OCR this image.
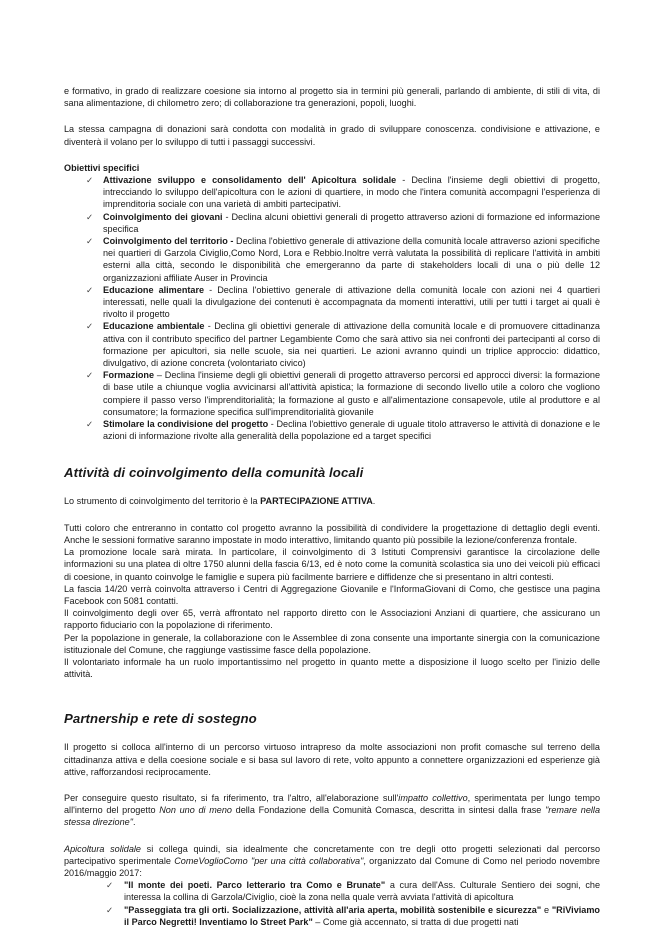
e formativo, in grado di realizzare coesione sia intorno al progetto sia in termini più generali, parlando di ambiente, di stili di vita, di sana alimentazione, di chilometro zero; di collaborazione tra generazioni, popoli, luoghi.

La stessa campagna di donazioni sarà condotta con modalità in grado di sviluppare conoscenza. condivisione e attivazione, e diventerà il volano per lo sviluppo di tutti i passaggi successivi.

Obiettivi specifici

✓ Attivazione sviluppo e consolidamento dell' Apicoltura solidale - Declina l'insieme degli obiettivi di progetto, intrecciando lo sviluppo dell'apicoltura con le azioni di quartiere, in modo che l'intera comunità accompagni l'esperienza di imprenditoria sociale con una varietà di ambiti partecipativi.
✓ Coinvolgimento dei giovani - Declina alcuni obiettivi generali di progetto attraverso azioni di formazione ed informazione specifica
✓ Coinvolgimento del territorio - Declina l'obiettivo generale di attivazione della comunità locale attraverso azioni specifiche nei quartieri di Garzola Civiglio,Como Nord, Lora e Rebbio.Inoltre verrà valutata la possibilità di replicare l'attività in ambiti esterni alla città, secondo le disponibilità che emergeranno da parte di stakeholders locali di una o più delle 12 organizzazioni affiliate Auser in Provincia
✓ Educazione alimentare - Declina l'obiettivo generale di attivazione della comunità locale con azioni nei 4 quartieri interessati, nelle quali la divulgazione dei contenuti è accompagnata da momenti interattivi, utili per tutti i target ai quali è rivolto il progetto
✓ Educazione ambientale - Declina gli obiettivi generale di attivazione della comunità locale e di promuovere cittadinanza attiva con il contributo specifico del partner Legambiente Como che sarà attivo sia nei confronti dei partecipanti al corso di formazione per apicultori, sia nelle scuole, sia nei quartieri. Le azioni avranno quindi un triplice approccio: didattico, divulgativo, di azione concreta (volontariato civico)
✓ Formazione – Declina l'insieme degli gli obiettivi generali di progetto attraverso percorsi ed approcci diversi: la formazione di base utile a chiunque voglia avvicinarsi all'attività apistica; la formazione di secondo livello utile a coloro che vogliono compiere il passo verso l'imprenditorialità; la formazione al gusto e all'alimentazione consapevole, utile al produttore e al consumatore; la formazione specifica sull'imprenditorialità giovanile
✓ Stimolare la condivisione del progetto - Declina l'obiettivo generale di uguale titolo attraverso le attività di donazione e le azioni di informazione rivolte alla generalità della popolazione ed a target specifici
Attività di coinvolgimento della comunità locali

Lo strumento di coinvolgimento del territorio è la PARTECIPAZIONE ATTIVA.

Tutti coloro che entreranno in contatto col progetto avranno la possibilità di condividere la progettazione di dettaglio degli eventi. Anche le sessioni formative saranno impostate in modo interattivo, limitando quanto più possibile la lezione/conferenza frontale.

La promozione locale sarà mirata. In particolare, il coinvolgimento di 3 Istituti Comprensivi garantisce la circolazione delle informazioni su una platea di oltre 1750 alunni della fascia 6/13, ed è noto come la comunità scolastica sia uno dei veicoli più efficaci di coesione, in quanto coinvolge le famiglie e supera più facilmente barriere e diffidenze che si presentano in altri contesti.

La fascia 14/20 verrà coinvolta attraverso i Centri di Aggregazione Giovanile e l'InformaGiovani di Como, che gestisce una pagina Facebook con 5081 contatti.

Il coinvolgimento degli over 65, verrà affrontato nel rapporto diretto con le Associazioni Anziani di quartiere, che assicurano un rapporto fiduciario con la popolazione di riferimento.

Per la popolazione in generale, la collaborazione con le Assemblee di zona consente una importante sinergia con la comunicazione istituzionale del Comune, che raggiunge vastissime fasce della popolazione.

Il volontariato informale ha un ruolo importantissimo nel progetto in quanto mette a disposizione il luogo scelto per l'inizio delle attività.

Partnership e rete di sostegno

Il progetto si colloca all'interno di un percorso virtuoso intrapreso da molte associazioni non profit comasche sul terreno della cittadinanza attiva e della coesione sociale e si basa sul lavoro di rete, volto appunto a connettere organizzazioni ed esperienze già attive, rafforzandosi reciprocamente.

Per conseguire questo risultato, si fa riferimento, tra l'altro, all'elaborazione sull'impatto collettivo, sperimentata per lungo tempo all'interno del progetto Non uno di meno della Fondazione della Comunità Comasca, descritta in sintesi dalla frase "remare nella stessa direzione".

Apicoltura solidale si collega quindi, sia idealmente che concretamente con tre degli otto progetti selezionati dal percorso partecipativo sperimentale ComeVoglioComo "per una città collaborativa", organizzato dal Comune di Como nel periodo novembre 2016/maggio 2017:

✓ "Il monte dei poeti. Parco letterario tra Como e Brunate" a cura dell'Ass. Culturale Sentiero dei sogni, che interessa la collina di Garzola/Civiglio, cioè la zona nella quale verrà avviata l'attività di apicoltura
✓ "Passeggiata tra gli orti. Socializzazione, attività all'aria aperta, mobilità sostenibile e sicurezza" e "RiViviamo il Parco Negretti! Inventiamo lo Street Park" – Come già accennato, si tratta di due progetti nati
